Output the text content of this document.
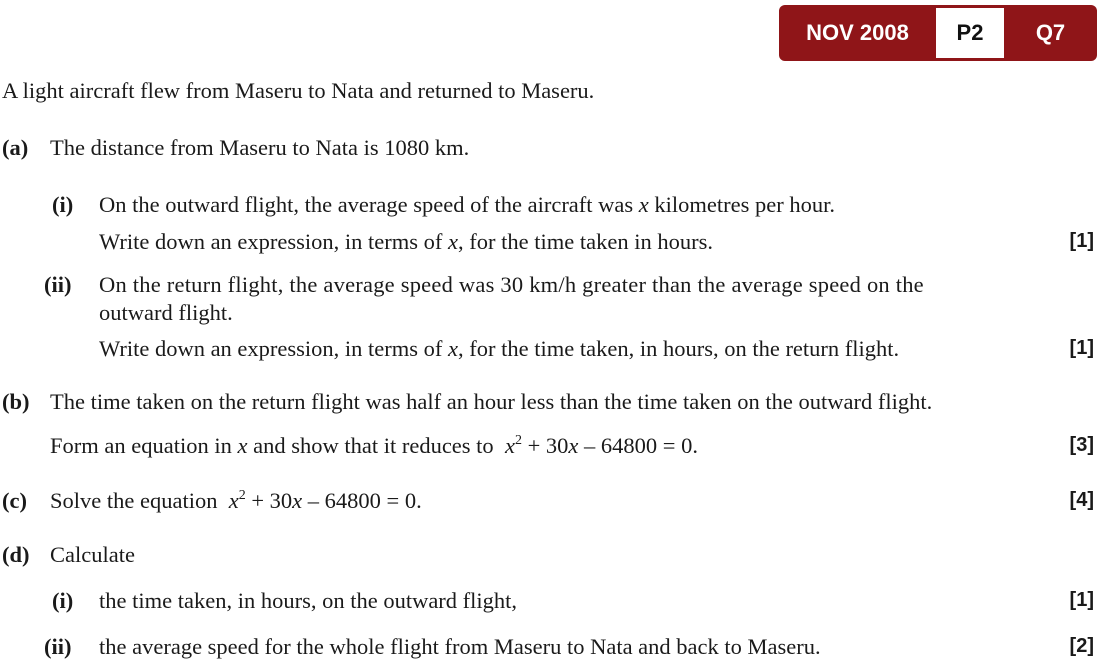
NOV 2008	P2	Q7
A light aircraft flew from Maseru to Nata and returned to Maseru.
(a) The distance from Maseru to Nata is 1080 km.
(i) On the outward flight, the average speed of the aircraft was x kilometres per hour.
Write down an expression, in terms of x, for the time taken in hours.	[1]
(ii) On the return flight, the average speed was 30 km/h greater than the average speed on the
outward flight.
Write down an expression, in terms of x, for the time taken, in hours, on the return flight.	[1]
(b) The time taken on the return flight was half an hour less than the time taken on the outward flight.
Form an equation in x and show that it reduces to $x^2 + 30x - 64800 = 0$.	[3]
(c) Solve the equation $x^2 + 30x - 64800 = 0$.	[4]
(d) Calculate
(i) the time taken, in hours, on the outward flight,	[1]
(ii) the average speed for the whole flight from Maseru to Nata and back to Maseru.	[2]
